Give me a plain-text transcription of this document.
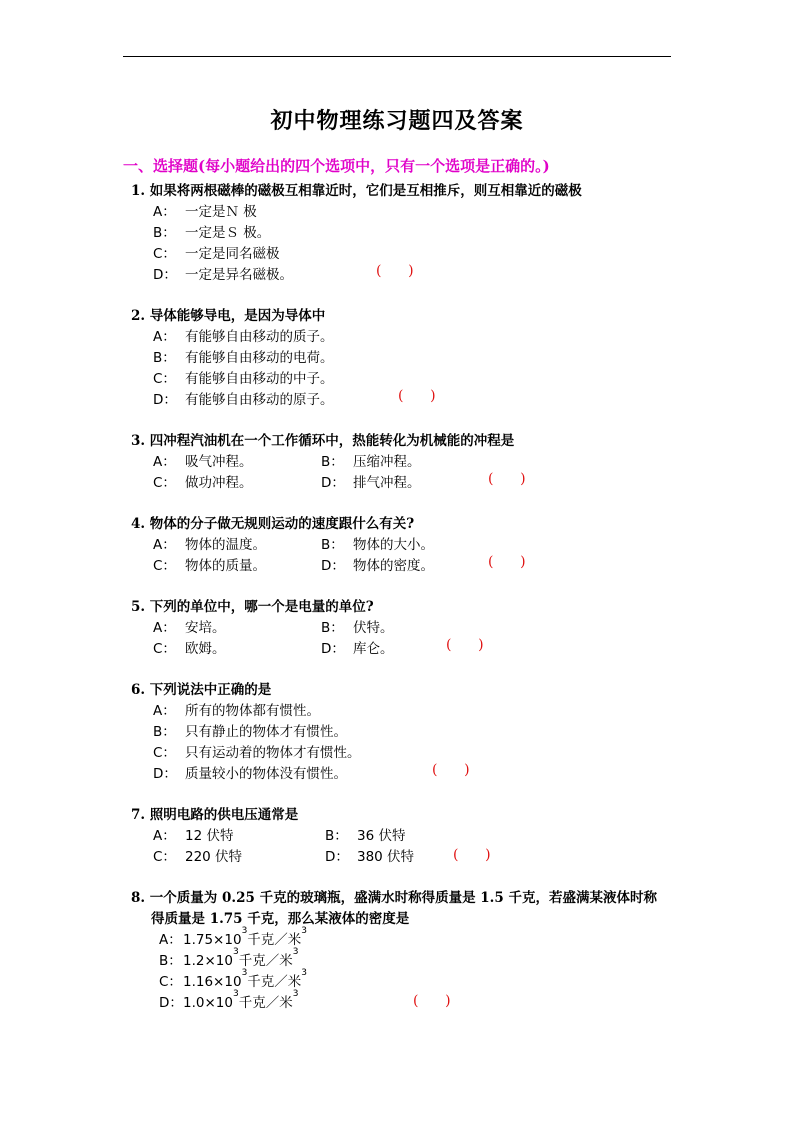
初中物理练习题四及答案
一、选择题(每小题给出的四个选项中，只有一个选项是正确的。)
1. 如果将两根磁棒的磁极互相靠近时，它们是互相推斥，则互相靠近的磁极
A： 一定是Ｎ 极
B： 一定是Ｓ 极。
C： 一定是同名磁极
D： 一定是异名磁极。	(      )
2. 导体能够导电，是因为导体中
A： 有能够自由移动的质子。
B： 有能够自由移动的电荷。
C： 有能够自由移动的中子。
D： 有能够自由移动的原子。	(      )
3. 四冲程汽油机在一个工作循环中，热能转化为机械能的冲程是
A： 吸气冲程。	B： 压缩冲程。
C： 做功冲程。	D： 排气冲程。	(      )
4. 物体的分子做无规则运动的速度跟什么有关?
A： 物体的温度。	B： 物体的大小。
C： 物体的质量。	D： 物体的密度。	(      )
5. 下列的单位中，哪一个是电量的单位?
A： 安培。	B： 伏特。
C： 欧姆。	D： 库仑。	(      )
6. 下列说法中正确的是
A： 所有的物体都有惯性。
B： 只有静止的物体才有惯性。
C： 只有运动着的物体才有惯性。
D： 质量较小的物体没有惯性。	(      )
7. 照明电路的供电压通常是
A： 12 伏特	B： 36 伏特
C： 220 伏特	D： 380 伏特	(      )
8. 一个质量为 0.25 千克的玻璃瓶，盛满水时称得质量是 1.5 千克，若盛满某液体时称
得质量是 1.75 千克，那么某液体的密度是
A：$1.75\times 10^3$千克／米$^3$
B：$1.2\times 10^3$千克／米$^3$
C：$1.16\times 10^3$千克／米$^3$
D：$1.0\times 10^3$千克／米$^3$	(      )
